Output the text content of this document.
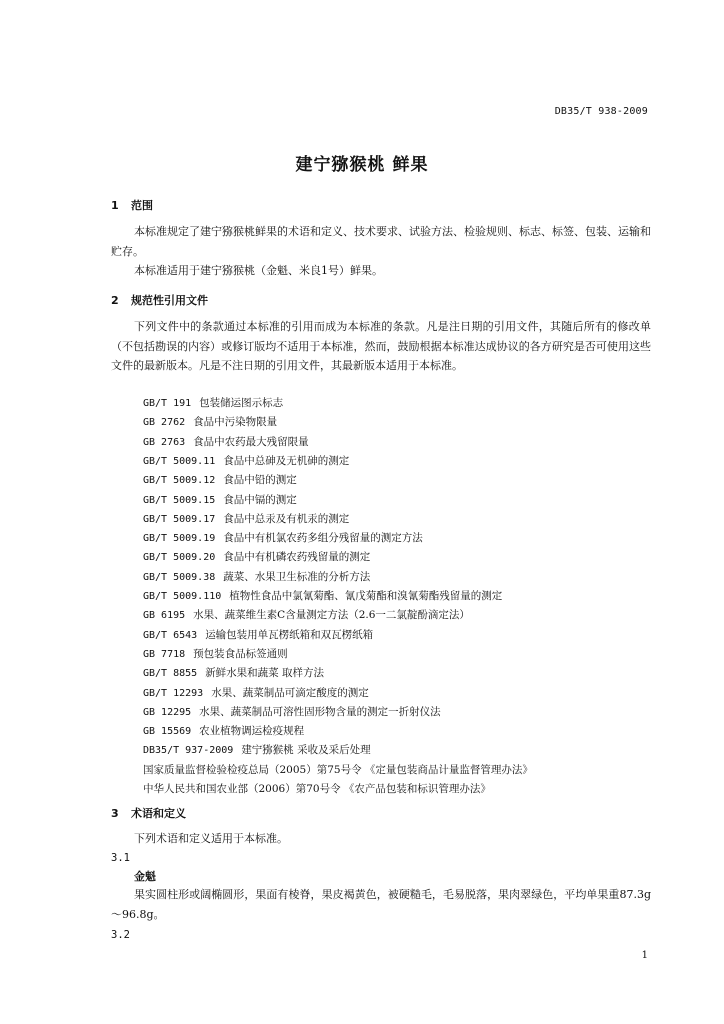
DB35/T 938-2009
建宁猕猴桃 鲜果
1 范围

本标准规定了建宁猕猴桃鲜果的术语和定义、技术要求、试验方法、检验规则、标志、标签、包装、运输和贮存。

本标准适用于建宁猕猴桃（金魁、米良1号）鲜果。

2 规范性引用文件

下列文件中的条款通过本标准的引用而成为本标准的条款。凡是注日期的引用文件，其随后所有的修改单（不包括勘误的内容）或修订版均不适用于本标准，然而，鼓励根据本标准达成协议的各方研究是否可使用这些文件的最新版本。凡是不注日期的引用文件，其最新版本适用于本标准。

GB/T 191 包装储运图示标志
GB 2762 食品中污染物限量
GB 2763 食品中农药最大残留限量
GB/T 5009.11 食品中总砷及无机砷的测定
GB/T 5009.12 食品中铅的测定
GB/T 5009.15 食品中镉的测定
GB/T 5009.17 食品中总汞及有机汞的测定
GB/T 5009.19 食品中有机氯农药多组分残留量的测定方法
GB/T 5009.20 食品中有机磷农药残留量的测定
GB/T 5009.38 蔬菜、水果卫生标准的分析方法
GB/T 5009.110 植物性食品中氯氰菊酯、氰戊菊酯和溴氰菊酯残留量的测定
GB 6195 水果、蔬菜维生素C含量测定方法（2.6一二氯靛酚滴定法）
GB/T 6543 运输包装用单瓦楞纸箱和双瓦楞纸箱
GB 7718 预包装食品标签通则
GB/T 8855 新鲜水果和蔬菜 取样方法
GB/T 12293 水果、蔬菜制品可滴定酸度的测定
GB 12295 水果、蔬菜制品可溶性固形物含量的测定一折射仪法
GB 15569 农业植物调运检疫规程
DB35/T 937-2009 建宁猕猴桃 采收及采后处理
国家质量监督检验检疫总局（2005）第75号令 《定量包装商品计量监督管理办法》
中华人民共和国农业部（2006）第70号令 《农产品包装和标识管理办法》
3 术语和定义

下列术语和定义适用于本标准。

3.1
金魁

果实圆柱形或阔椭圆形，果面有棱脊，果皮褐黄色，被硬糙毛，毛易脱落，果肉翠绿色，平均单果重87.3g～96.8g。

3.2
1
